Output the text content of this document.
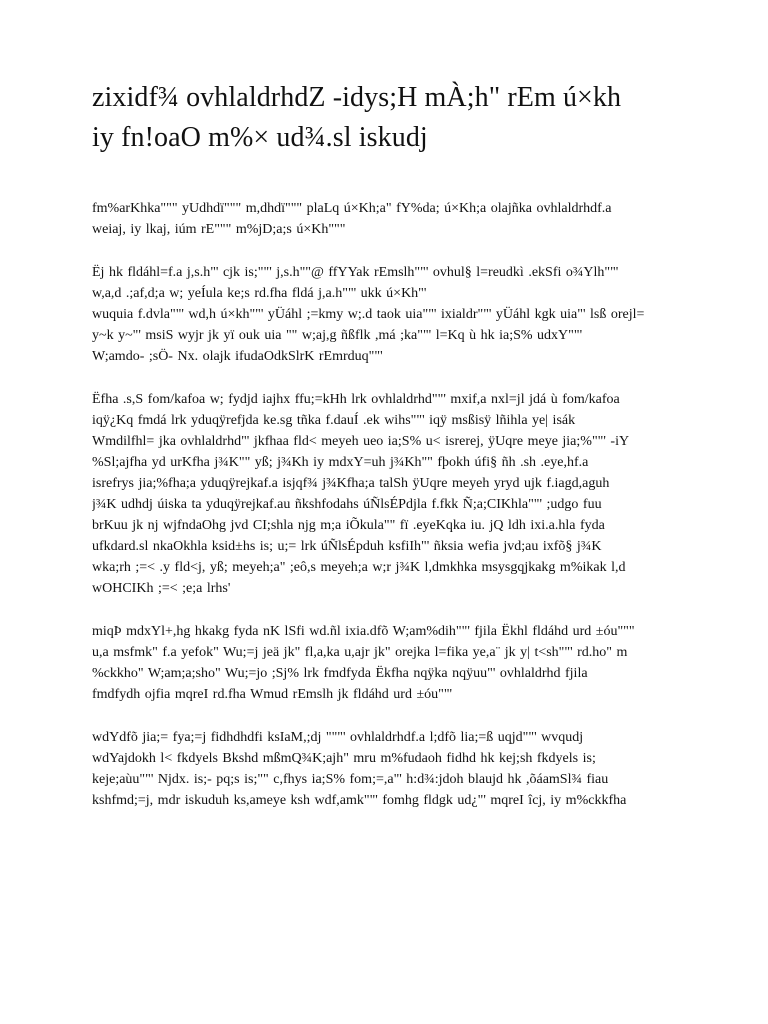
zixidf¾ ovhlaldrhdZ -idys;H mÀ;h" rEm ú×kh
iy fn!oaO m%× ud¾.sl iskudj
fm%arKhka""" yUdhdï""" m,dhdï""" plaLq ú×Kh;a" fY%da; ú×Kh;a olajñka ovhlaldrhdf.a
weiaj, iy lkaj, iúm rE""" m%jD;a;s ú×Kh"""
Ëj hk fldáhl=f.a j,s.h"' cjk is;""' j,s.h""@ ffYYak rEmslh""' ovhul§ l=reudkì .ekSfi o¾Ylh""'
w,a,d .;af,d;a w; yeÍula ke;s rd.fha fldá j,a.h""' ukk ú×Kh"'
wuquia f.dvla""' wd,h ú×kh""' yÜáhl ;=kmy w;.d taok uia""' ixialdr""' yÜáhl kgk uia"' lsß orejl=
y~k y~"' msiS wyjr jk yï ouk uia "" w;aj,g ñßflk ,má ;ka""' l=Kq ù hk ia;S% udxY""'
W;amdo- ;sÖ- Nx. olajk ifudaOdkSlrK rEmrduq""'
Ëfha .s,S fom/kafoa w; fydjd iajhx ffu;=kHh lrk ovhlaldrhd""' mxif,a nxl=jl jdá ù fom/kafoa
iqÿ¿Kq fmdá lrk yduqÿrefjda ke.sg tñka f.dauÍ .ek wihs""' iqÿ msßisÿ lñihla ye| isák
Wmdilfhl= jka ovhlaldrhd"' jkfhaa fld< meyeh ueo ia;S% u< isrerej, ÿUqre meye jia;%""' -iY
%Sl;ajfha yd urKfha j¾K"" yß; j¾Kh iy mdxY=uh j¾Kh"" fþokh úfi§ ñh .sh .eye,hf.a
isrefrys jia;%fha;a yduqÿrejkaf.a isjqf¾ j¾Kfha;a talSh ÿUqre meyeh yryd ujk f.iagd,aguh
j¾K udhdj úiska ta yduqÿrejkaf.au ñkshfodahs úÑlsÉPdjla f.fkk Ñ;a;CIKhla""' ;udgo fuu
brKuu jk nj wjfndaOhg jvd CI;shla njg m;a iÕkula"" fï .eyeKqka iu. jQ ldh ixi.a.hla fyda
ufkdard.sl nkaOkhla ksid±hs is; u;= lrk úÑlsÉpduh ksfiIh"' ñksia wefia jvd;au ixfõ§ j¾K
wka;rh ;=< .y fld<j, yß; meyeh;a" ;eô,s meyeh;a w;r j¾K l,dmkhka msysgqjkakg m%ikak l,d
wOHCIKh ;=< ;e;a lrhs'
miqÞ mdxYl+,hg hkakg fyda nK lSfi wd.ñl ixia.dfõ W;am%dih""' fjila Ëkhl fldáhd urd ±óu"""
u,a msfmk" f.a yefok" Wu;=j jeä jk" fl,a,ka u,ajr jk" orejka l=fika ye,a¨ jk y| t<sh""' rd.ho" m
%ckkho" W;am;a;sho" Wu;=jo ;Sj% lrk fmdfyda Ëkfha nqÿka nqÿuu"' ovhlaldrhd fjila
fmdfydh ojfia mqreI rd.fha Wmud rEmslh jk fldáhd urd ±óu""'
wdYdfõ jia;= fya;=j fidhdhdfi ksIaM,;dj """' ovhlaldrhdf.a l;dfõ lia;=ß uqjd""' wvqudj
wdYajdokh l< fkdyels Bkshd mßmQ¾K;ajh" mru m%fudaoh fidhd hk kej;sh fkdyels is;
keje;aùu""' Njdx. is;- pq;s is;"" c,fhys ia;S% fom;=,a"' h:d¾:jdoh blaujd hk ,õáamSl¾ fiau
kshfmd;=j, mdr iskuduh ks,ameye ksh wdf,amk""' fomhg fldgk ud¿"' mqreI îcj, iy m%ckkfha
